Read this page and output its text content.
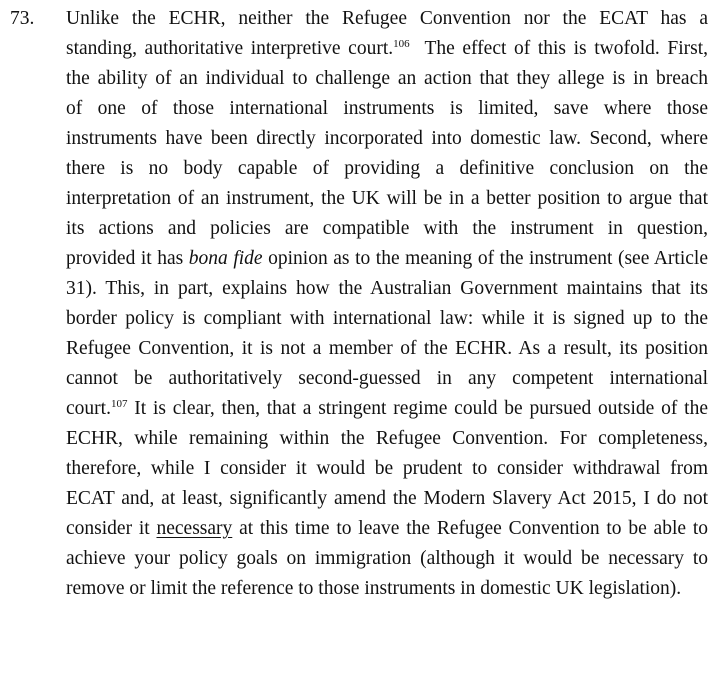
73. Unlike the ECHR, neither the Refugee Convention nor the ECAT has a
standing, authoritative interpretive court.$^{106}$  The effect of this is twofold. First,
the ability of an individual to challenge an action that they allege is in breach
of one of those international instruments is limited, save where those
instruments have been directly incorporated into domestic law. Second, where
there is no body capable of providing a definitive conclusion on the
interpretation of an instrument, the UK will be in a better position to argue that
its actions and policies are compatible with the instrument in question,
provided it has bona fide opinion as to the meaning of the instrument (see Article
31). This, in part, explains how the Australian Government maintains that its
border policy is compliant with international law: while it is signed up to the
Refugee Convention, it is not a member of the ECHR. As a result, its position
cannot be authoritatively second-guessed in any competent international
court.$^{107}$ It is clear, then, that a stringent regime could be pursued outside of the
ECHR, while remaining within the Refugee Convention. For completeness,
therefore, while I consider it would be prudent to consider withdrawal from
ECAT and, at least, significantly amend the Modern Slavery Act 2015, I do not
consider it necessary at this time to leave the Refugee Convention to be able to
achieve your policy goals on immigration (although it would be necessary to
remove or limit the reference to those instruments in domestic UK legislation).
